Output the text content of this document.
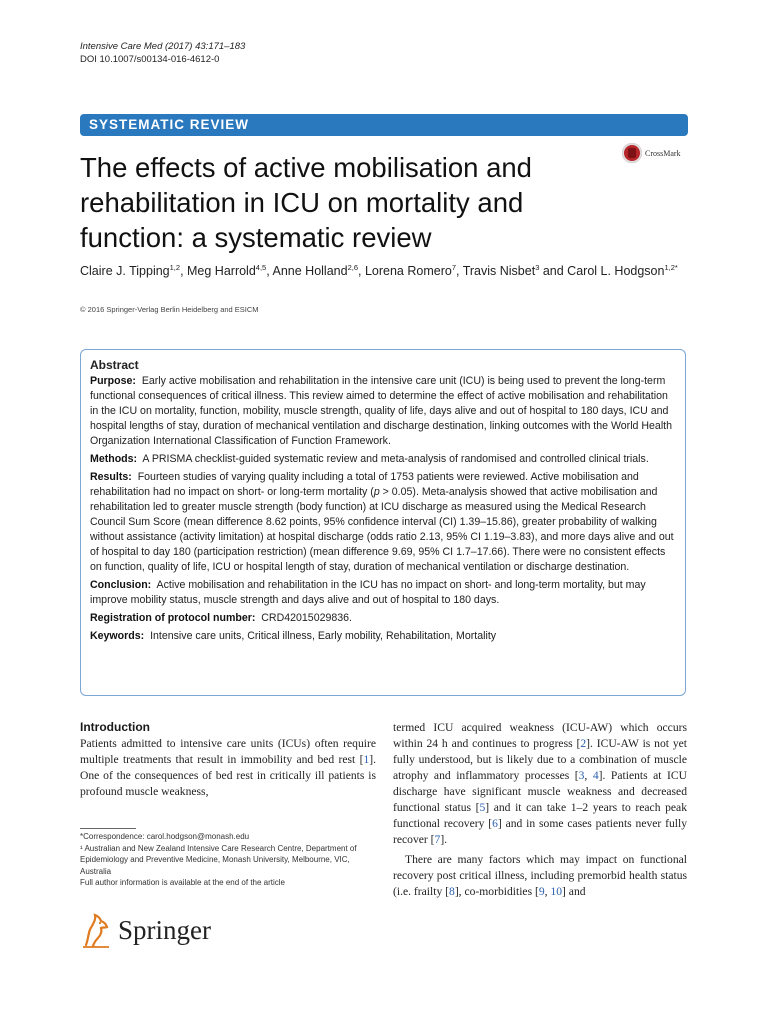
Intensive Care Med (2017) 43:171–183
DOI 10.1007/s00134-016-4612-0
SYSTEMATIC REVIEW
CrossMark
The effects of active mobilisation and rehabilitation in ICU on mortality and function: a systematic review
Claire J. Tipping$^{1,2}$, Meg Harrold$^{4,5}$, Anne Holland$^{2,6}$, Lorena Romero$^7$, Travis Nisbet$^3$ and Carol L. Hodgson$^{1,2*}$
© 2016 Springer-Verlag Berlin Heidelberg and ESICM
Abstract

Purpose: Early active mobilisation and rehabilitation in the intensive care unit (ICU) is being used to prevent the long-term functional consequences of critical illness. This review aimed to determine the effect of active mobilisation and rehabilitation in the ICU on mortality, function, mobility, muscle strength, quality of life, days alive and out of hospital to 180 days, ICU and hospital lengths of stay, duration of mechanical ventilation and discharge destination, linking outcomes with the World Health Organization International Classification of Function Framework.

Methods: A PRISMA checklist-guided systematic review and meta-analysis of randomised and controlled clinical trials.

Results: Fourteen studies of varying quality including a total of 1753 patients were reviewed. Active mobilisation and rehabilitation had no impact on short- or long-term mortality (p > 0.05). Meta-analysis showed that active mobilisation and rehabilitation led to greater muscle strength (body function) at ICU discharge as measured using the Medical Research Council Sum Score (mean difference 8.62 points, 95% confidence interval (CI) 1.39–15.86), greater probability of walking without assistance (activity limitation) at hospital discharge (odds ratio 2.13, 95% CI 1.19–3.83), and more days alive and out of hospital to day 180 (participation restriction) (mean difference 9.69, 95% CI 1.7–17.66). There were no consistent effects on function, quality of life, ICU or hospital length of stay, duration of mechanical ventilation or discharge destination.

Conclusion: Active mobilisation and rehabilitation in the ICU has no impact on short- and long-term mortality, but may improve mobility status, muscle strength and days alive and out of hospital to 180 days.

Registration of protocol number: CRD42015029836.

Keywords: Intensive care units, Critical illness, Early mobility, Rehabilitation, Mortality

Introduction

Patients admitted to intensive care units (ICUs) often require multiple treatments that result in immobility and bed rest [1]. One of the consequences of bed rest in critically ill patients is profound muscle weakness,

termed ICU acquired weakness (ICU-AW) which occurs within 24 h and continues to progress [2]. ICU-AW is not yet fully understood, but is likely due to a combination of muscle atrophy and inflammatory processes [3, 4]. Patients at ICU discharge have significant muscle weakness and decreased functional status [5] and it can take 1–2 years to reach peak functional recovery [6] and in some cases patients never fully recover [7].

There are many factors which may impact on functional recovery post critical illness, including premorbid health status (i.e. frailty [8], co-morbidities [9, 10] and

*Correspondence: carol.hodgson@monash.edu
¹ Australian and New Zealand Intensive Care Research Centre, Department of Epidemiology and Preventive Medicine, Monash University, Melbourne, VIC, Australia
Full author information is available at the end of the article
Springer
